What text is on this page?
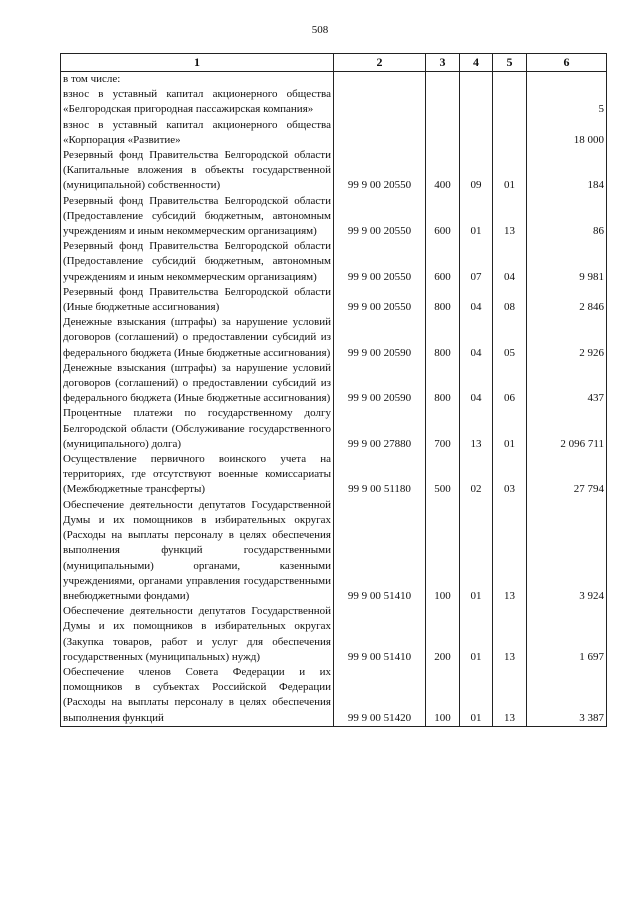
508
1	2	3	4	5	6
в том числе:					
взнос в уставный капитал акционерного общества «Белгородская пригородная пассажирская компания»					5
взнос в уставный капитал акционерного общества «Корпорация «Развитие»					18 000
Резервный фонд Правительства Белгородской области (Капитальные вложения в объекты государственной (муниципальной) собственности)	99 9 00 20550	400	09	01	184
Резервный фонд Правительства Белгородской области (Предоставление субсидий бюджетным, автономным учреждениям и иным некоммерческим организациям)	99 9 00 20550	600	01	13	86
Резервный фонд Правительства Белгородской области (Предоставление субсидий бюджетным, автономным учреждениям и иным некоммерческим организациям)	99 9 00 20550	600	07	04	9 981
Резервный фонд Правительства Белгородской области (Иные бюджетные ассигнования)	99 9 00 20550	800	04	08	2 846
Денежные взыскания (штрафы) за нарушение условий договоров (соглашений) о предоставлении субсидий из федерального бюджета (Иные бюджетные ассигнования)	99 9 00 20590	800	04	05	2 926
Денежные взыскания (штрафы) за нарушение условий договоров (соглашений) о предоставлении субсидий из федерального бюджета (Иные бюджетные ассигнования)	99 9 00 20590	800	04	06	437
Процентные платежи по государственному долгу Белгородской области (Обслуживание государственного (муниципального) долга)	99 9 00 27880	700	13	01	2 096 711
Осуществление первичного воинского учета на территориях, где отсутствуют военные комиссариаты (Межбюджетные трансферты)	99 9 00 51180	500	02	03	27 794
Обеспечение деятельности депутатов Государственной Думы и их помощников в избирательных округах (Расходы на выплаты персоналу в целях обеспечения выполнения функций государственными (муниципальными) органами, казенными учреждениями, органами управления государственными внебюджетными фондами)	99 9 00 51410	100	01	13	3 924
Обеспечение деятельности депутатов Государственной Думы и их помощников в избирательных округах (Закупка товаров, работ и услуг для обеспечения государственных (муниципальных) нужд)	99 9 00 51410	200	01	13	1 697
Обеспечение членов Совета Федерации и их помощников в субъектах Российской Федерации (Расходы на выплаты персоналу в целях обеспечения выполнения функций	99 9 00 51420	100	01	13	3 387
